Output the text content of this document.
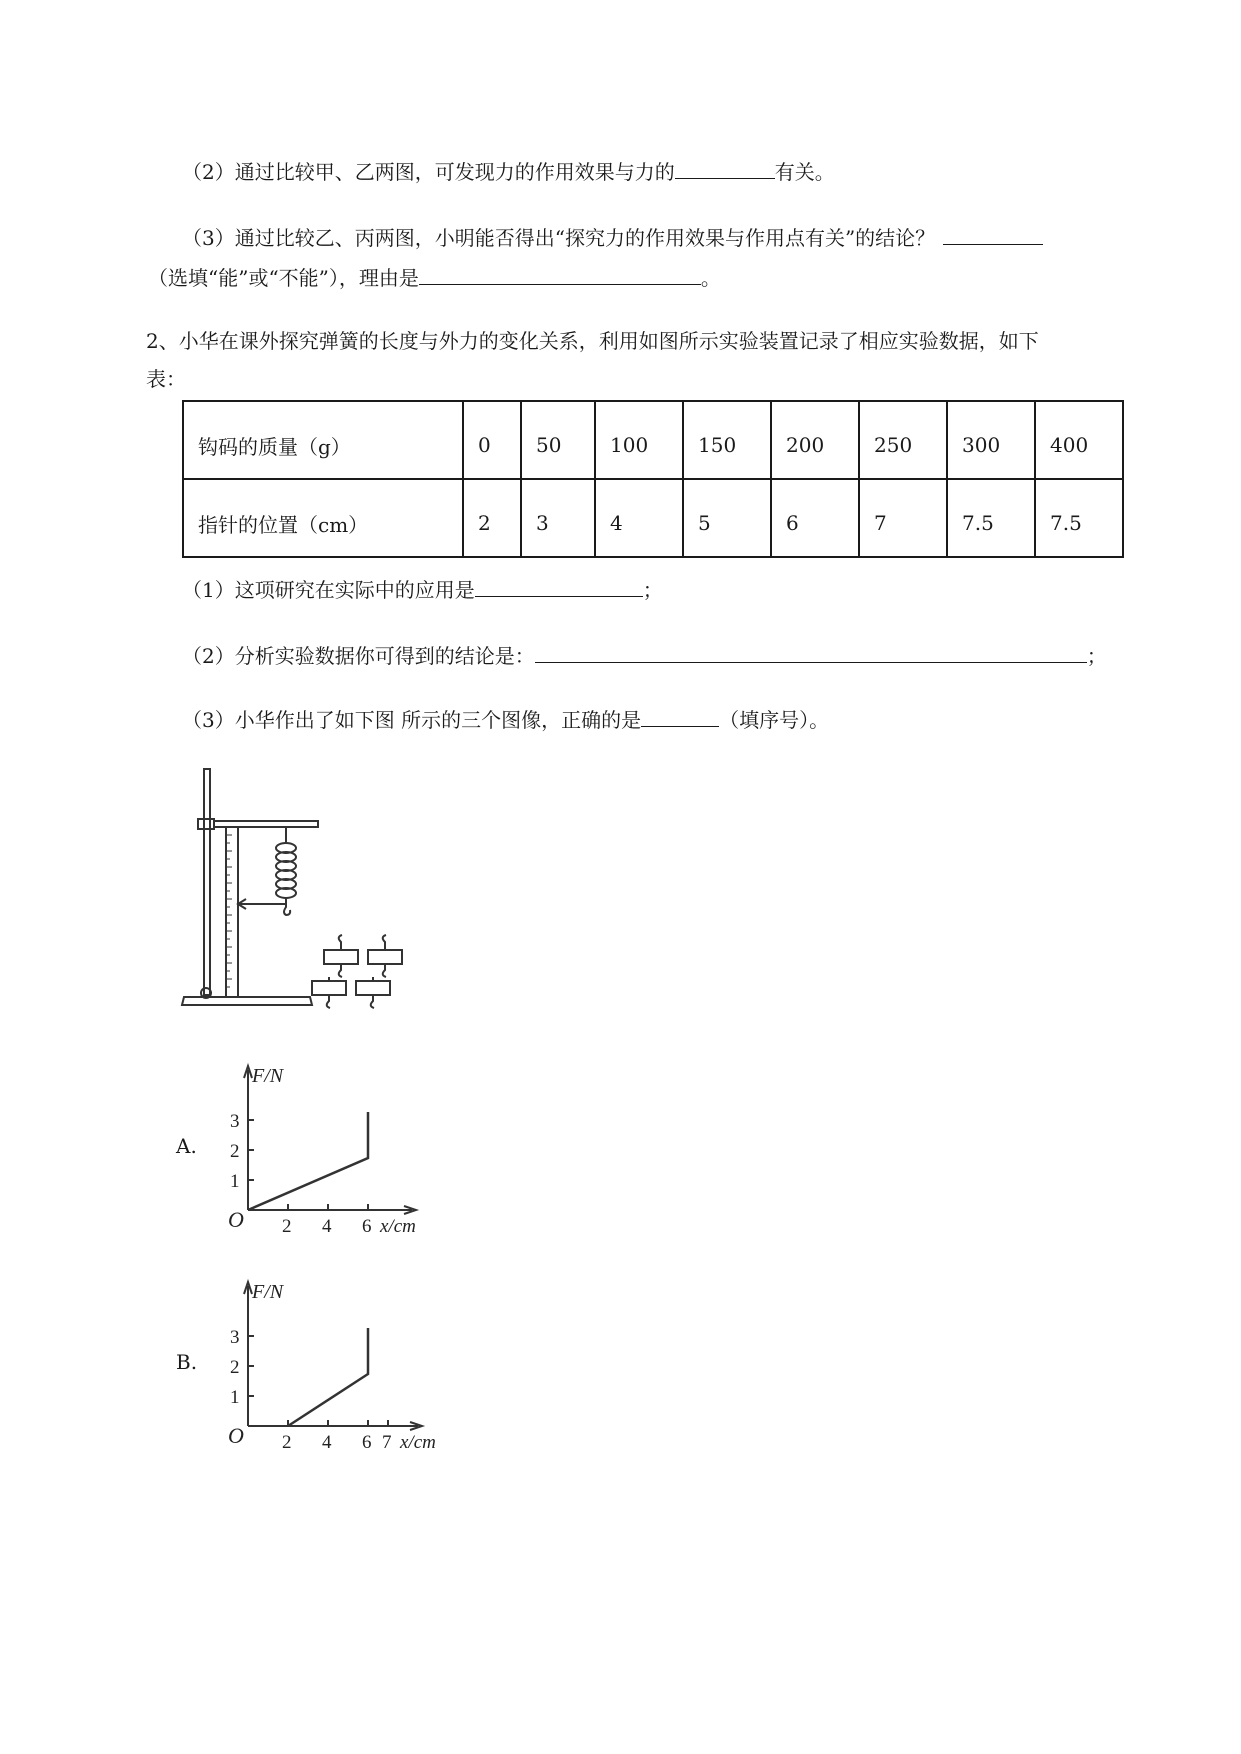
（2）通过比较甲、乙两图，可发现力的作用效果与力的	有关。
（3）通过比较乙、丙两图，小明能否得出“探究力的作用效果与作用点有关”的结论？
（选填“能”或“不能”），理由是	。
2、小华在课外探究弹簧的长度与外力的变化关系，利用如图所示实验装置记录了相应实验数据，如下
表：
钩码的质量（g）	0	50	100	150	200	250	300	400
指针的位置（cm）	2	3	4	5	6	7	7.5	7.5
（1）这项研究在实际中的应用是	；
（2）分析实验数据你可得到的结论是：	；
（3）小华作出了如下图 所示的三个图像，正确的是	（填序号）。
A.
F/N
O
1
2
3
2 4 6 x/cm
B.
F/N
O
1
2
3
2 4 6 7 x/cm
